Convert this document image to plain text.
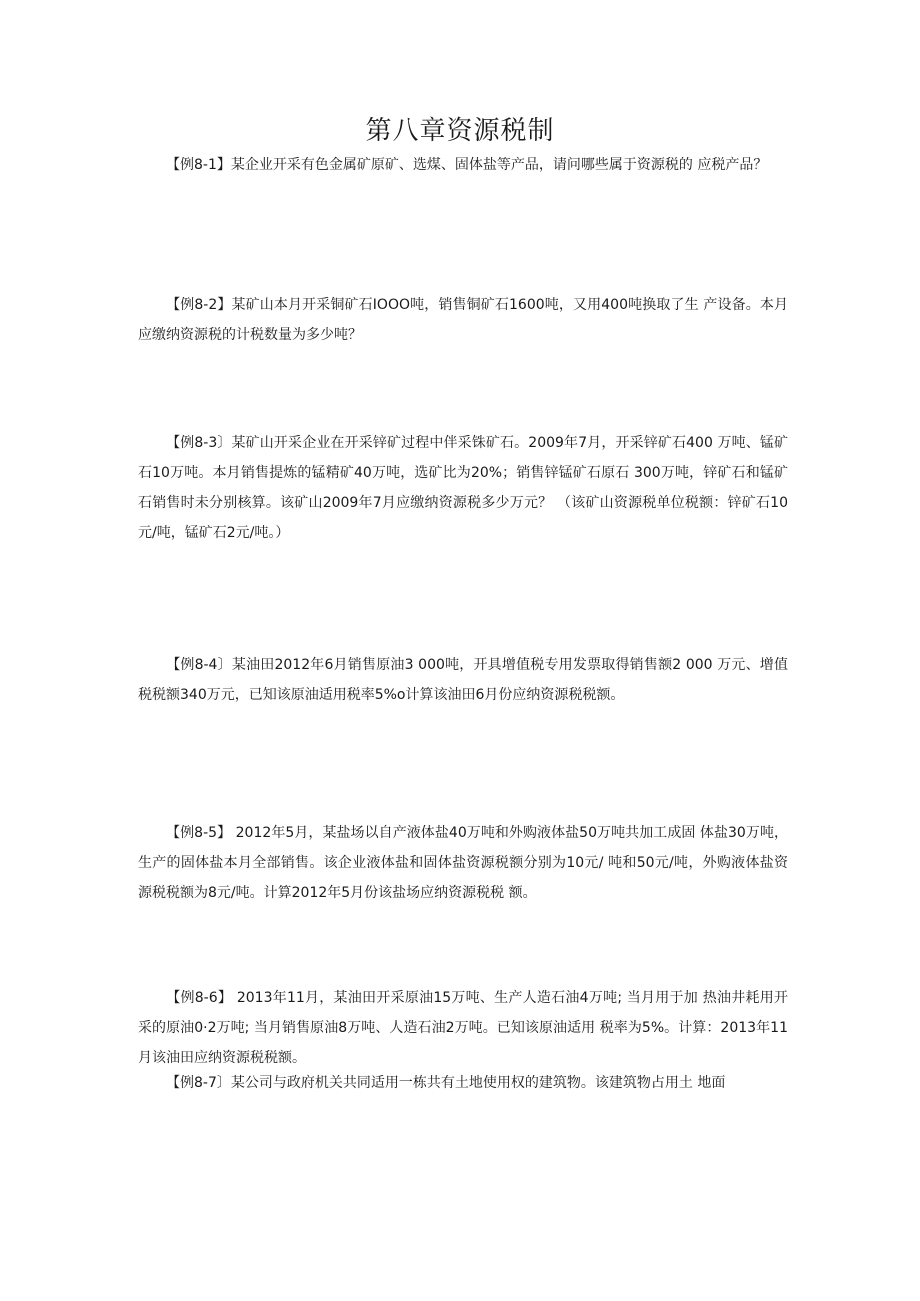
第八章资源税制

【例8-1】某企业开采有色金属矿原矿、选煤、固体盐等产品，请问哪些属于资源税的 应税产品？

【例8-2】某矿山本月开采铜矿石IOOO吨，销售铜矿石1600吨，又用400吨换取了生 产设备。本月应缴纳资源税的计税数量为多少吨？

【例8-3〕某矿山开采企业在开采锌矿过程中伴采铢矿石。2009年7月，开采锌矿石400 万吨、锰矿石10万吨。本月销售提炼的锰精矿40万吨，选矿比为20%；销售锌锰矿石原石 300万吨，锌矿石和锰矿石销售时未分别核算。该矿山2009年7月应缴纳资源税多少万元？ （该矿山资源税单位税额：锌矿石10元/吨，锰矿石2元/吨。）

【例8-4〕某油田2012年6月销售原油3 000吨，开具增值税专用发票取得销售额2 000 万元、增值税税额340万元，已知该原油适用税率5%o计算该油田6月份应纳资源税税额。

【例8-5】 2012年5月，某盐场以自产液体盐40万吨和外购液体盐50万吨共加工成固 体盐30万吨，生产的固体盐本月全部销售。该企业液体盐和固体盐资源税额分别为10元/ 吨和50元/吨，外购液体盐资源税税额为8元/吨。计算2012年5月份该盐场应纳资源税税 额。

【例8-6】 2013年11月，某油田开采原油15万吨、生产人造石油4万吨; 当月用于加 热油井耗用开采的原油0·2万吨; 当月销售原油8万吨、人造石油2万吨。已知该原油适用 税率为5%。计算：2013年11月该油田应纳资源税税额。

【例8-7〕某公司与政府机关共同适用一栋共有土地使用权的建筑物。该建筑物占用土 地面
